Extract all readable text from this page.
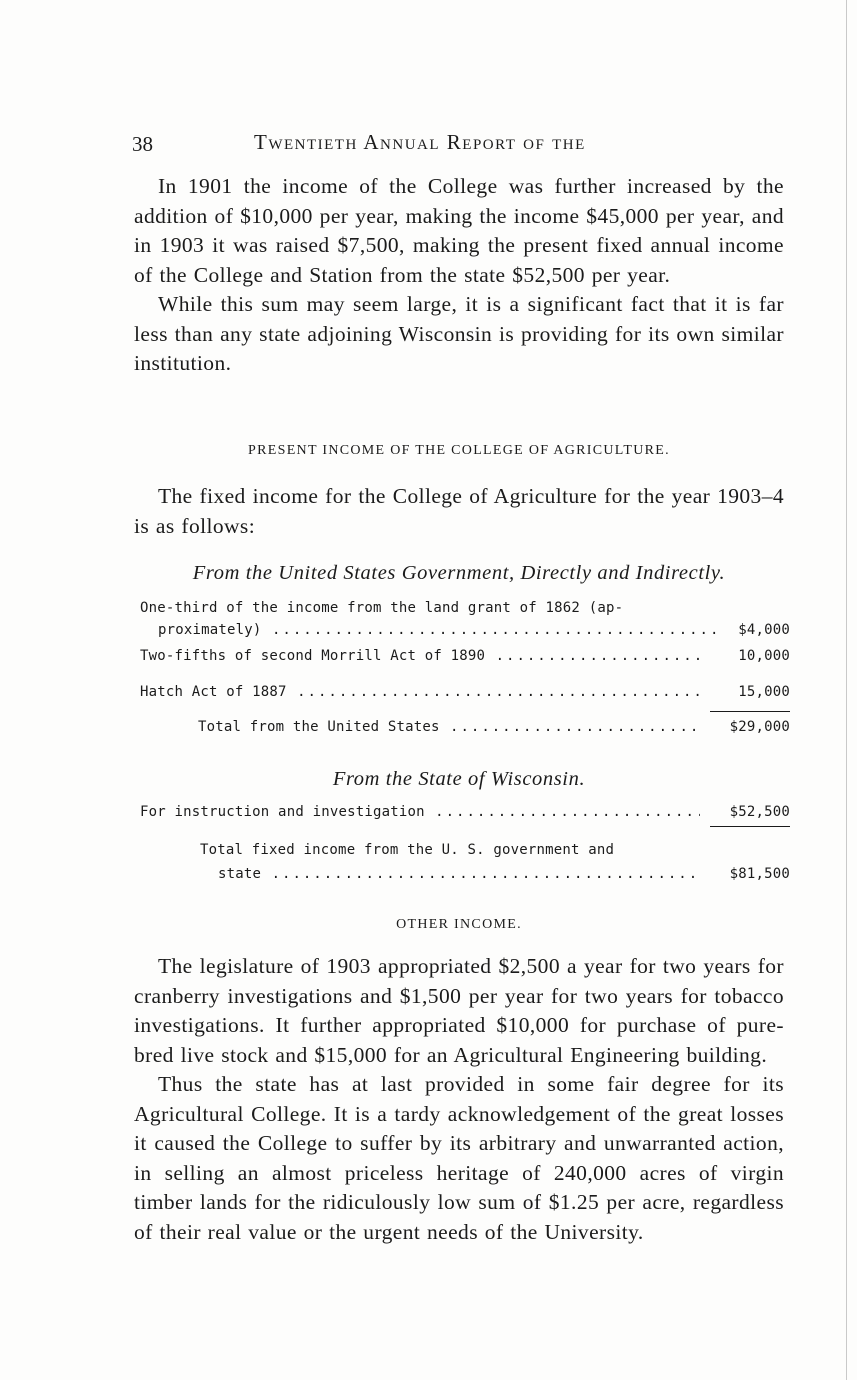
38	Twentieth Annual Report of the

In 1901 the income of the College was further increased by the addition of $10,000 per year, making the income $45,000 per year, and in 1903 it was raised $7,500, making the present fixed annual income of the College and Station from the state $52,500 per year.

While this sum may seem large, it is a significant fact that it is far less than any state adjoining Wisconsin is providing for its own similar institution.

PRESENT INCOME OF THE COLLEGE OF AGRICULTURE.

The fixed income for the College of Agriculture for the year 1903–4 is as follows:

From the United States Government, Directly and Indirectly.
One-third of the income from the land grant of 1862 (ap-
proximately) .....	$4,000
Two-fifths of second Morrill Act of 1890 .....	10,000
Hatch Act of 1887 .....	15,000
Total from the United States .....	$29,000
From the State of Wisconsin.
For instruction and investigation .....	$52,500
Total fixed income from the U. S. government and
state .....	$81,500
OTHER INCOME.

The legislature of 1903 appropriated $2,500 a year for two years for cranberry investigations and $1,500 per year for two years for tobacco investigations. It further appropriated $10,000 for purchase of pure-bred live stock and $15,000 for an Agricultural Engineering building.

Thus the state has at last provided in some fair degree for its Agricultural College. It is a tardy acknowledgement of the great losses it caused the College to suffer by its arbitrary and unwarranted action, in selling an almost priceless heritage of 240,000 acres of virgin timber lands for the ridiculously low sum of $1.25 per acre, regardless of their real value or the urgent needs of the University.
